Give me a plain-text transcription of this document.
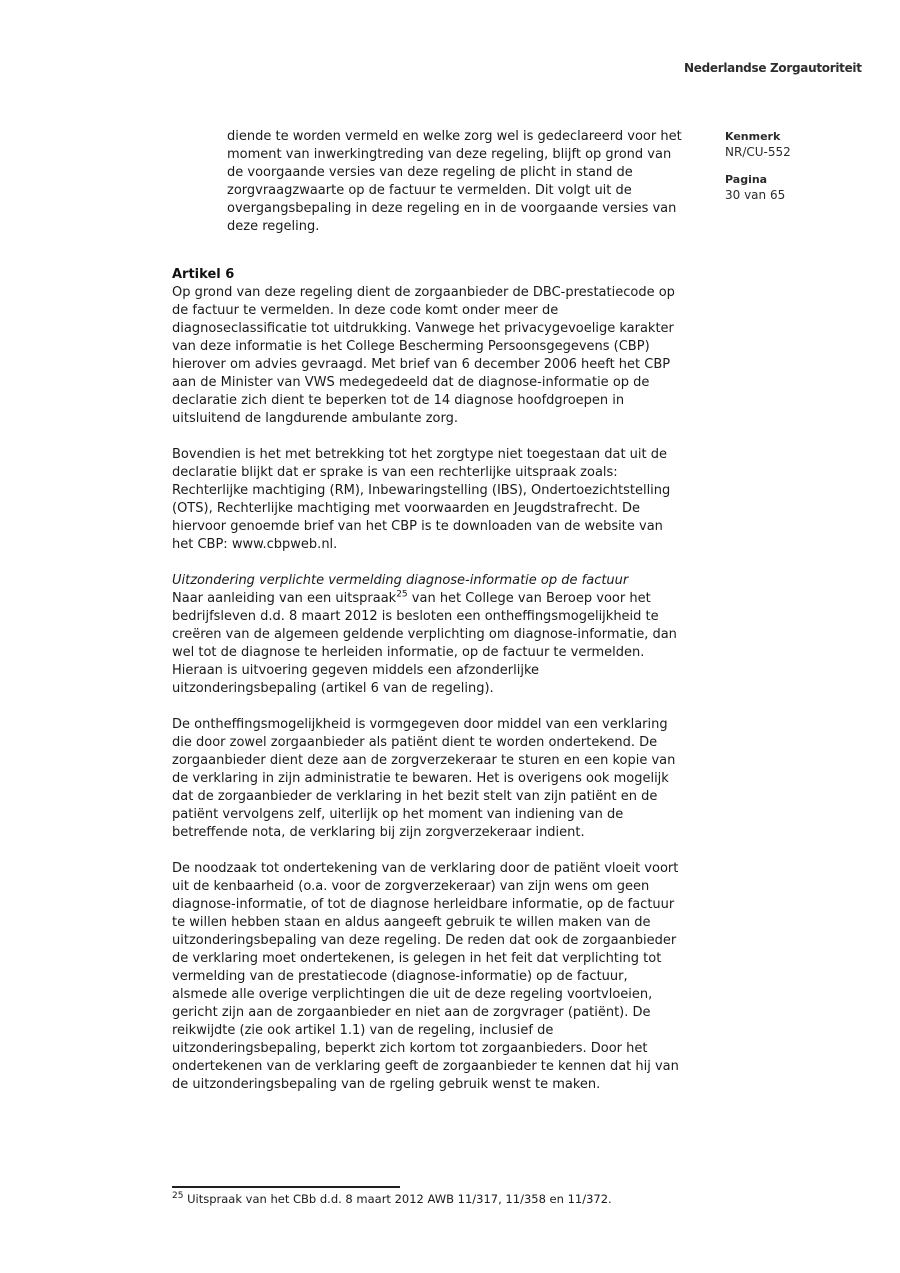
Nederlandse Zorgautoriteit
Kenmerk
NR/CU-552
Pagina
30 van 65

diende te worden vermeld en welke zorg wel is gedeclareerd voor het moment van inwerkingtreding van deze regeling, blijft op grond van de voorgaande versies van deze regeling de plicht in stand de zorgvraagzwaarte op de factuur te vermelden. Dit volgt uit de overgangsbepaling in deze regeling en in de voorgaande versies van deze regeling.

Artikel 6

Op grond van deze regeling dient de zorgaanbieder de DBC-prestatiecode op de factuur te vermelden. In deze code komt onder meer de diagnoseclassificatie tot uitdrukking. Vanwege het privacygevoelige karakter van deze informatie is het College Bescherming Persoonsgegevens (CBP) hierover om advies gevraagd. Met brief van 6 december 2006 heeft het CBP aan de Minister van VWS medegedeeld dat de diagnose-informatie op de declaratie zich dient te beperken tot de 14 diagnose hoofdgroepen in uitsluitend de langdurende ambulante zorg.

Bovendien is het met betrekking tot het zorgtype niet toegestaan dat uit de declaratie blijkt dat er sprake is van een rechterlijke uitspraak zoals: Rechterlijke machtiging (RM), Inbewaringstelling (IBS), Ondertoezichtstelling (OTS), Rechterlijke machtiging met voorwaarden en Jeugdstrafrecht. De hiervoor genoemde brief van het CBP is te downloaden van de website van het CBP: www.cbpweb.nl.

Uitzondering verplichte vermelding diagnose-informatie op de factuur

Naar aanleiding van een uitspraak$^{25}$ van het College van Beroep voor het bedrijfsleven d.d. 8 maart 2012 is besloten een ontheffingsmogelijkheid te creëren van de algemeen geldende verplichting om diagnose-informatie, dan wel tot de diagnose te herleiden informatie, op de factuur te vermelden. Hieraan is uitvoering gegeven middels een afzonderlijke uitzonderingsbepaling (artikel 6 van de regeling).

De ontheffingsmogelijkheid is vormgegeven door middel van een verklaring die door zowel zorgaanbieder als patiënt dient te worden ondertekend. De zorgaanbieder dient deze aan de zorgverzekeraar te sturen en een kopie van de verklaring in zijn administratie te bewaren. Het is overigens ook mogelijk dat de zorgaanbieder de verklaring in het bezit stelt van zijn patiënt en de patiënt vervolgens zelf, uiterlijk op het moment van indiening van de betreffende nota, de verklaring bij zijn zorgverzekeraar indient.

De noodzaak tot ondertekening van de verklaring door de patiënt vloeit voort uit de kenbaarheid (o.a. voor de zorgverzekeraar) van zijn wens om geen diagnose-informatie, of tot de diagnose herleidbare informatie, op de factuur te willen hebben staan en aldus aangeeft gebruik te willen maken van de uitzonderingsbepaling van deze regeling. De reden dat ook de zorgaanbieder de verklaring moet ondertekenen, is gelegen in het feit dat verplichting tot vermelding van de prestatiecode (diagnose-informatie) op de factuur, alsmede alle overige verplichtingen die uit de deze regeling voortvloeien, gericht zijn aan de zorgaanbieder en niet aan de zorgvrager (patiënt). De reikwijdte (zie ook artikel 1.1) van de regeling, inclusief de uitzonderingsbepaling, beperkt zich kortom tot zorgaanbieders. Door het ondertekenen van de verklaring geeft de zorgaanbieder te kennen dat hij van de uitzonderingsbepaling van de rgeling gebruik wenst te maken.

$^{25}$ Uitspraak van het CBb d.d. 8 maart 2012 AWB 11/317, 11/358 en 11/372.
